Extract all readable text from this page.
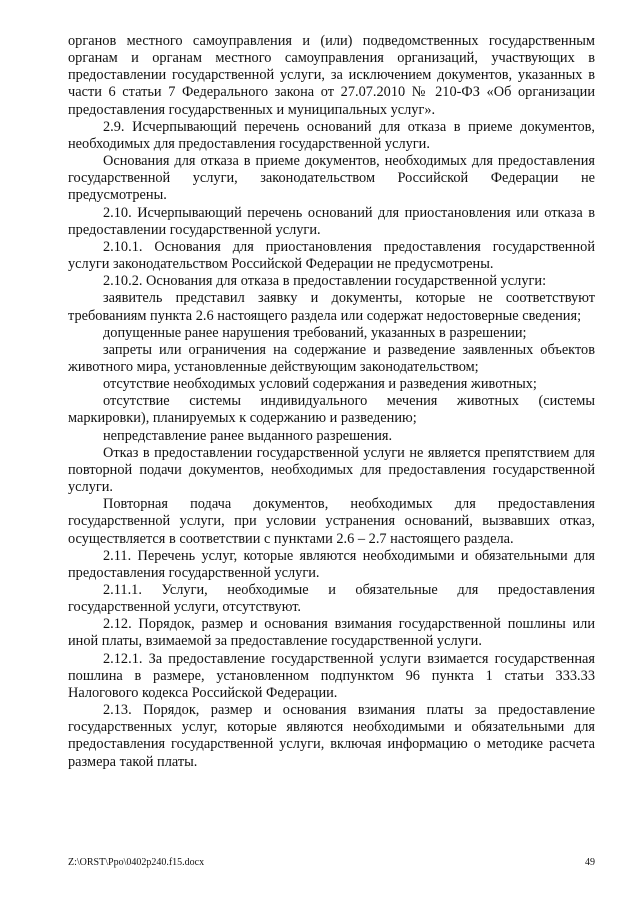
органов местного самоуправления и (или) подведомственных государственным органам и органам местного самоуправления организаций, участвующих в предоставлении государственной услуги, за исключением документов, указанных в части 6 статьи 7 Федерального закона от 27.07.2010 № 210-ФЗ «Об организации предоставления государственных и муниципальных услуг».

2.9. Исчерпывающий перечень оснований для отказа в приеме документов, необходимых для предоставления государственной услуги.

Основания для отказа в приеме документов, необходимых для предоставления государственной услуги, законодательством Российской Федерации не предусмотрены.

2.10. Исчерпывающий перечень оснований для приостановления или отказа в предоставлении государственной услуги.

2.10.1. Основания для приостановления предоставления государственной услуги законодательством Российской Федерации не предусмотрены.

2.10.2. Основания для отказа в предоставлении государственной услуги:

заявитель представил заявку и документы, которые не соответствуют требованиям пункта 2.6 настоящего раздела или содержат недостоверные сведения;

допущенные ранее нарушения требований, указанных в разрешении;

запреты или ограничения на содержание и разведение заявленных объектов животного мира, установленные действующим законодательством;

отсутствие необходимых условий содержания и разведения животных;

отсутствие системы индивидуального мечения животных (системы маркировки), планируемых к содержанию и разведению;

непредставление ранее выданного разрешения.

Отказ в предоставлении государственной услуги не является препятствием для повторной подачи документов, необходимых для предоставления государственной услуги.

Повторная подача документов, необходимых для предоставления государственной услуги, при условии устранения оснований, вызвавших отказ, осуществляется в соответствии с пунктами 2.6 – 2.7 настоящего раздела.

2.11. Перечень услуг, которые являются необходимыми и обязательными для предоставления государственной услуги.

2.11.1. Услуги, необходимые и обязательные для предоставления государственной услуги, отсутствуют.

2.12. Порядок, размер и основания взимания государственной пошлины или иной платы, взимаемой за предоставление государственной услуги.

2.12.1. За предоставление государственной услуги взимается государственная пошлина в размере, установленном подпунктом 96 пункта 1 статьи 333.33 Налогового кодекса Российской Федерации.

2.13. Порядок, размер и основания взимания платы за предоставление государственных услуг, которые являются необходимыми и обязательными для предоставления государственной услуги, включая информацию о методике расчета размера такой платы.

Z:\ORST\Ppo\0402p240.f15.docx	49
